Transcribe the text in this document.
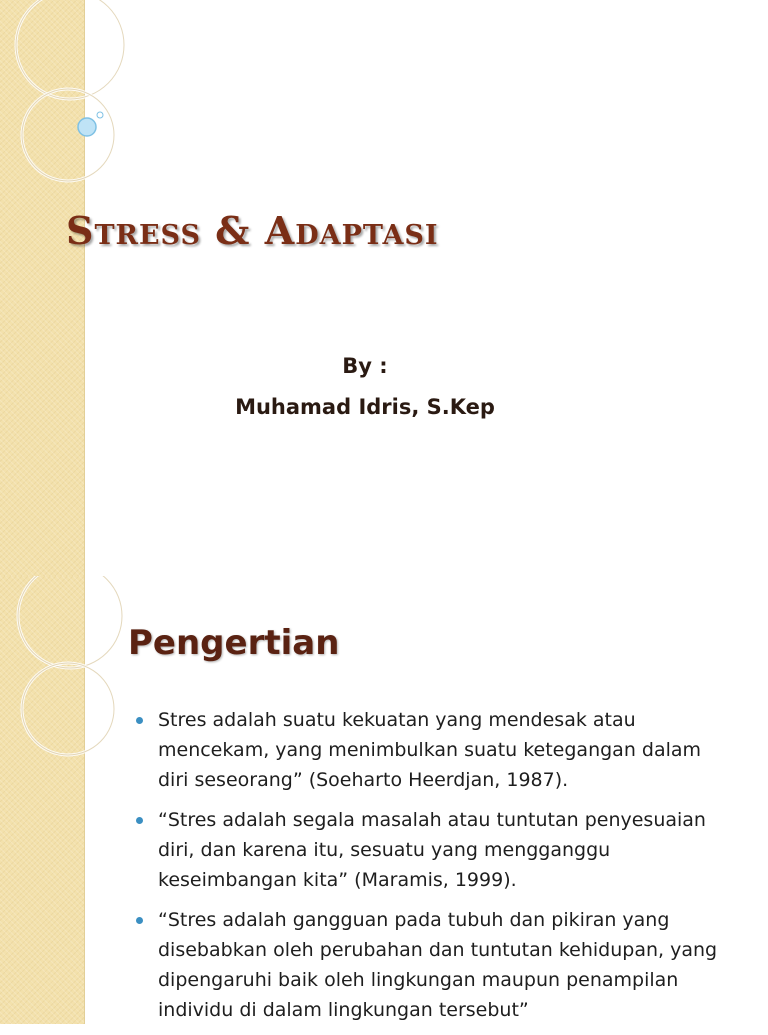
Stress & Adaptasi

By :

Muhamad Idris, S.Kep

Pengertian
Stres adalah suatu kekuatan yang mendesak atau mencekam, yang menimbulkan suatu ketegangan dalam diri seseorang” (Soeharto Heerdjan, 1987).
“Stres adalah segala masalah atau tuntutan penyesuaian diri, dan karena itu, sesuatu yang mengganggu keseimbangan kita” (Maramis, 1999).
“Stres adalah gangguan pada tubuh dan pikiran yang disebabkan oleh perubahan dan tuntutan kehidupan, yang dipengaruhi baik oleh lingkungan maupun penampilan individu di dalam lingkungan tersebut”
